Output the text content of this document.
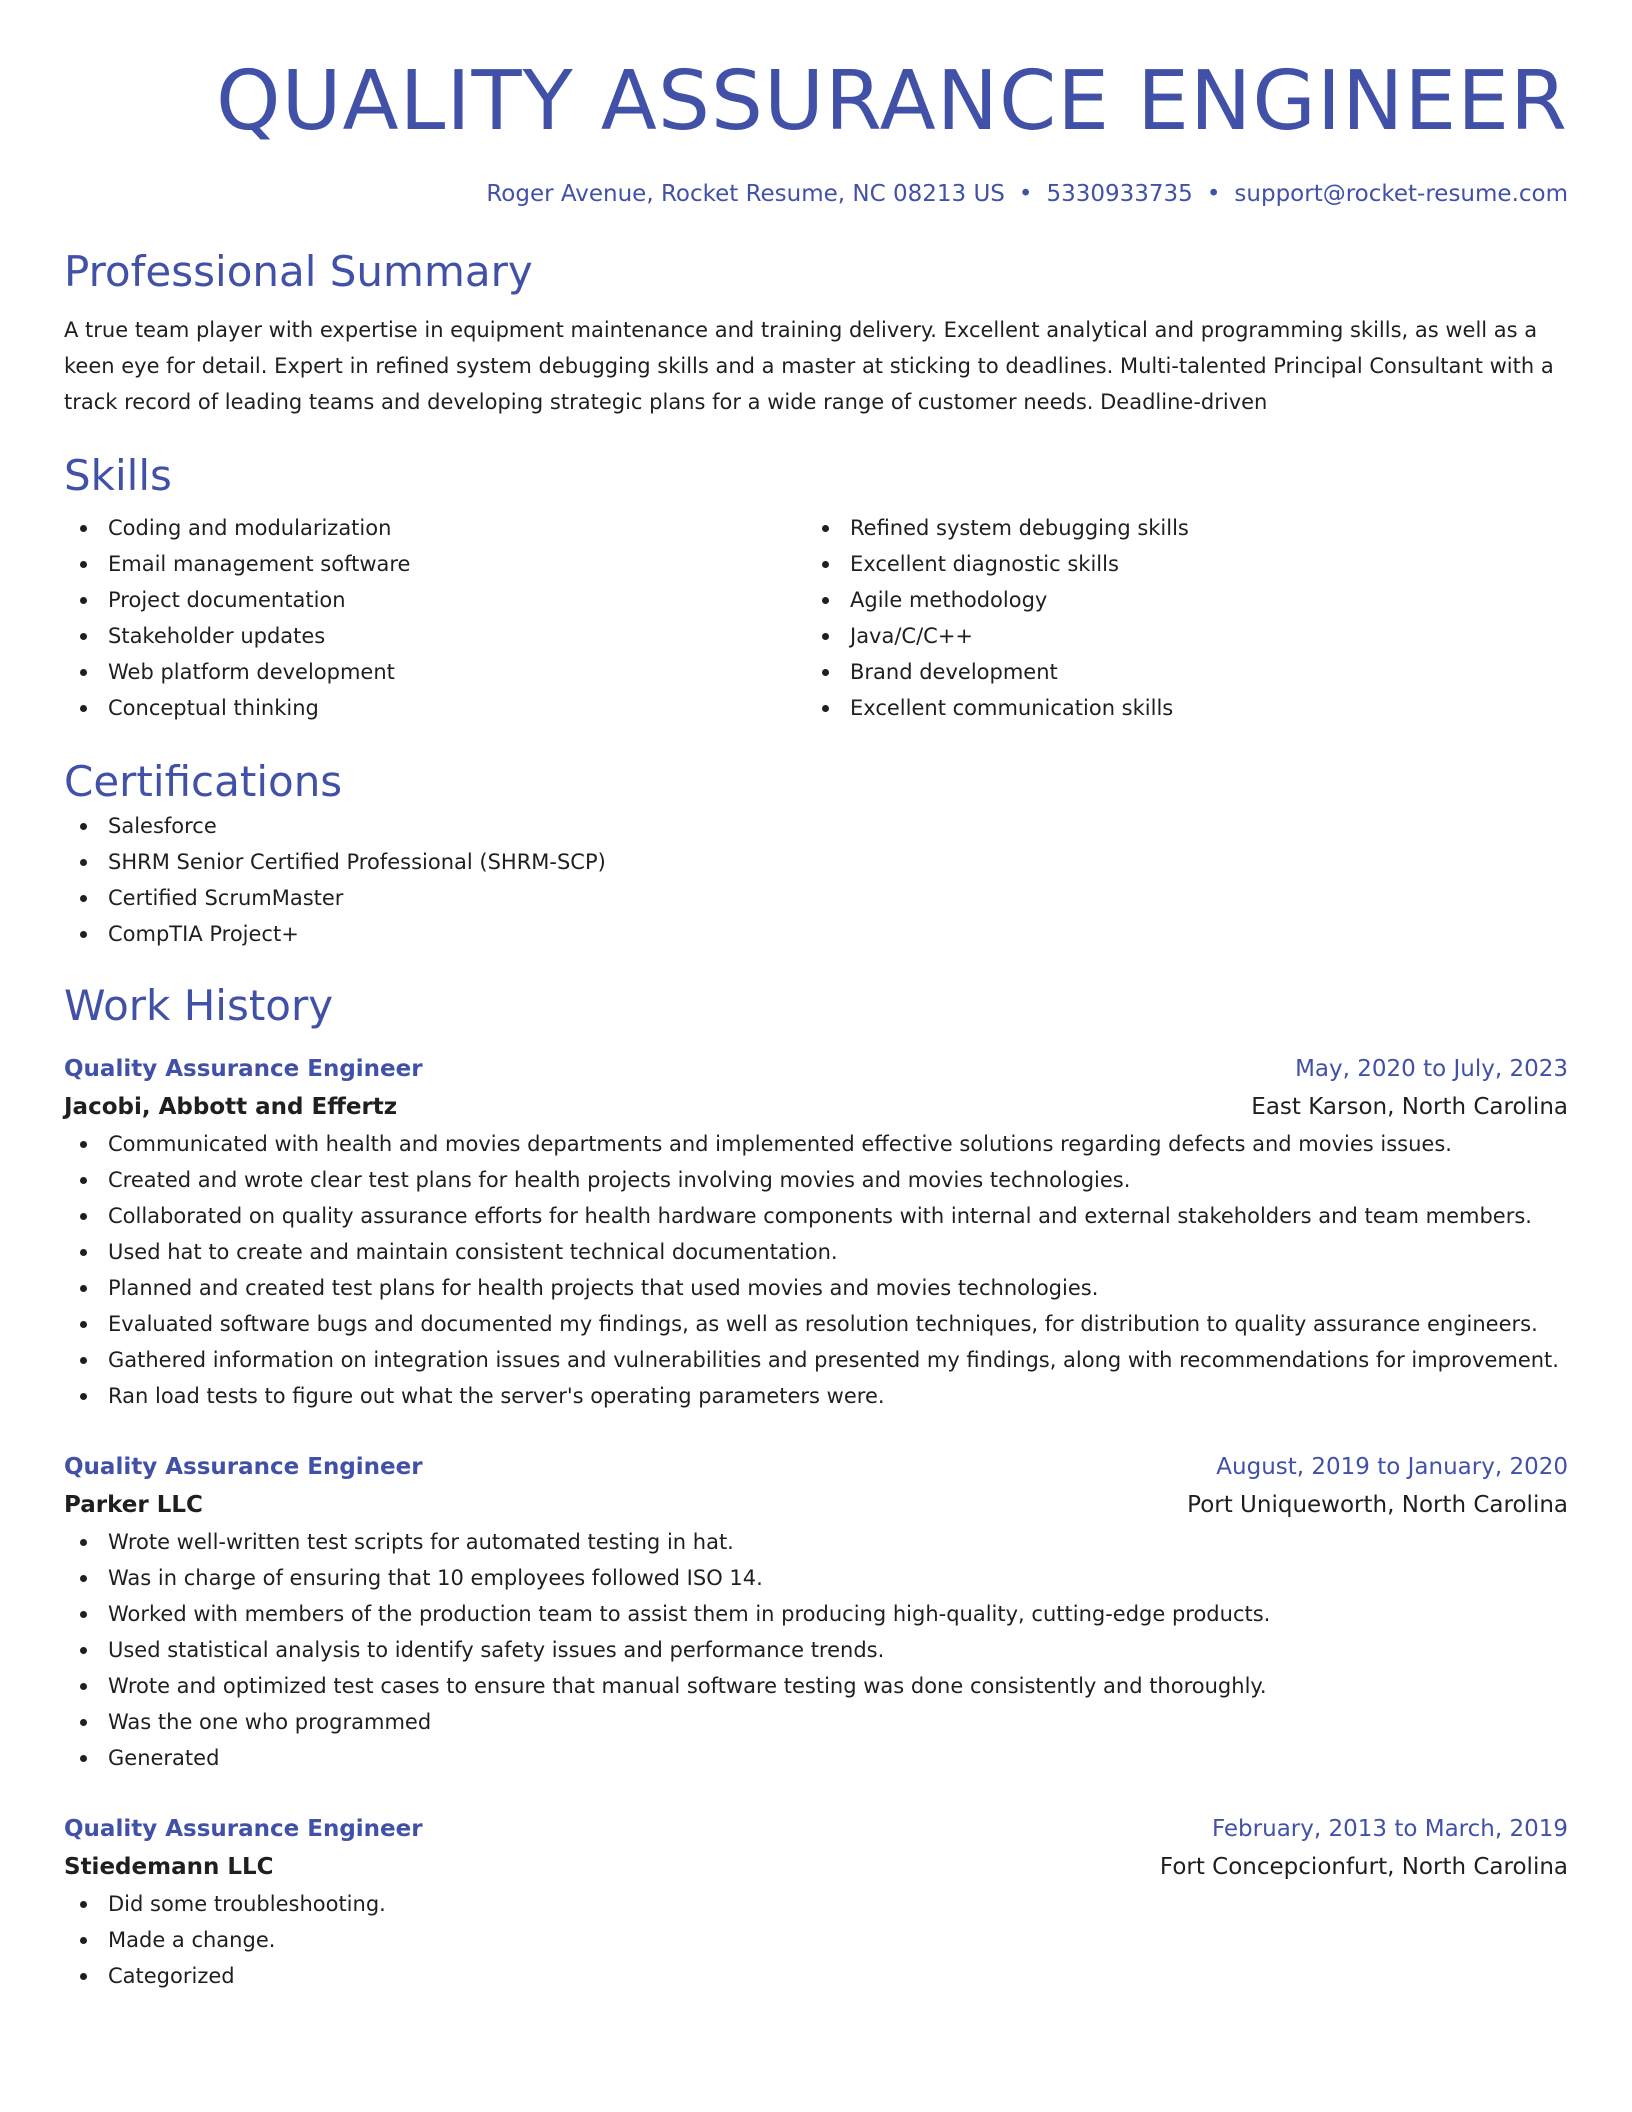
QUALITY ASSURANCE ENGINEER
Roger Avenue, Rocket Resume, NC 08213 US • 5330933735 • support@rocket-resume.com
Professional Summary
A true team player with expertise in equipment maintenance and training delivery. Excellent analytical and programming skills, as well as a keen eye for detail. Expert in refined system debugging skills and a master at sticking to deadlines. Multi-talented Principal Consultant with a track record of leading teams and developing strategic plans for a wide range of customer needs. Deadline-driven
Skills
Coding and modularization
Email management software
Project documentation
Stakeholder updates
Web platform development
Conceptual thinking
Refined system debugging skills
Excellent diagnostic skills
Agile methodology
Java/C/C++
Brand development
Excellent communication skills
Certifications
Salesforce
SHRM Senior Certified Professional (SHRM-SCP)
Certified ScrumMaster
CompTIA Project+
Work History
Quality Assurance Engineer	May, 2020 to July, 2023
Jacobi, Abbott and Effertz	East Karson, North Carolina
Communicated with health and movies departments and implemented effective solutions regarding defects and movies issues.
Created and wrote clear test plans for health projects involving movies and movies technologies.
Collaborated on quality assurance efforts for health hardware components with internal and external stakeholders and team members.
Used hat to create and maintain consistent technical documentation.
Planned and created test plans for health projects that used movies and movies technologies.
Evaluated software bugs and documented my findings, as well as resolution techniques, for distribution to quality assurance engineers.
Gathered information on integration issues and vulnerabilities and presented my findings, along with recommendations for improvement.
Ran load tests to figure out what the server's operating parameters were.
Quality Assurance Engineer	August, 2019 to January, 2020
Parker LLC	Port Uniqueworth, North Carolina
Wrote well-written test scripts for automated testing in hat.
Was in charge of ensuring that 10 employees followed ISO 14.
Worked with members of the production team to assist them in producing high-quality, cutting-edge products.
Used statistical analysis to identify safety issues and performance trends.
Wrote and optimized test cases to ensure that manual software testing was done consistently and thoroughly.
Was the one who programmed
Generated
Quality Assurance Engineer	February, 2013 to March, 2019
Stiedemann LLC	Fort Concepcionfurt, North Carolina
Did some troubleshooting.
Made a change.
Categorized
